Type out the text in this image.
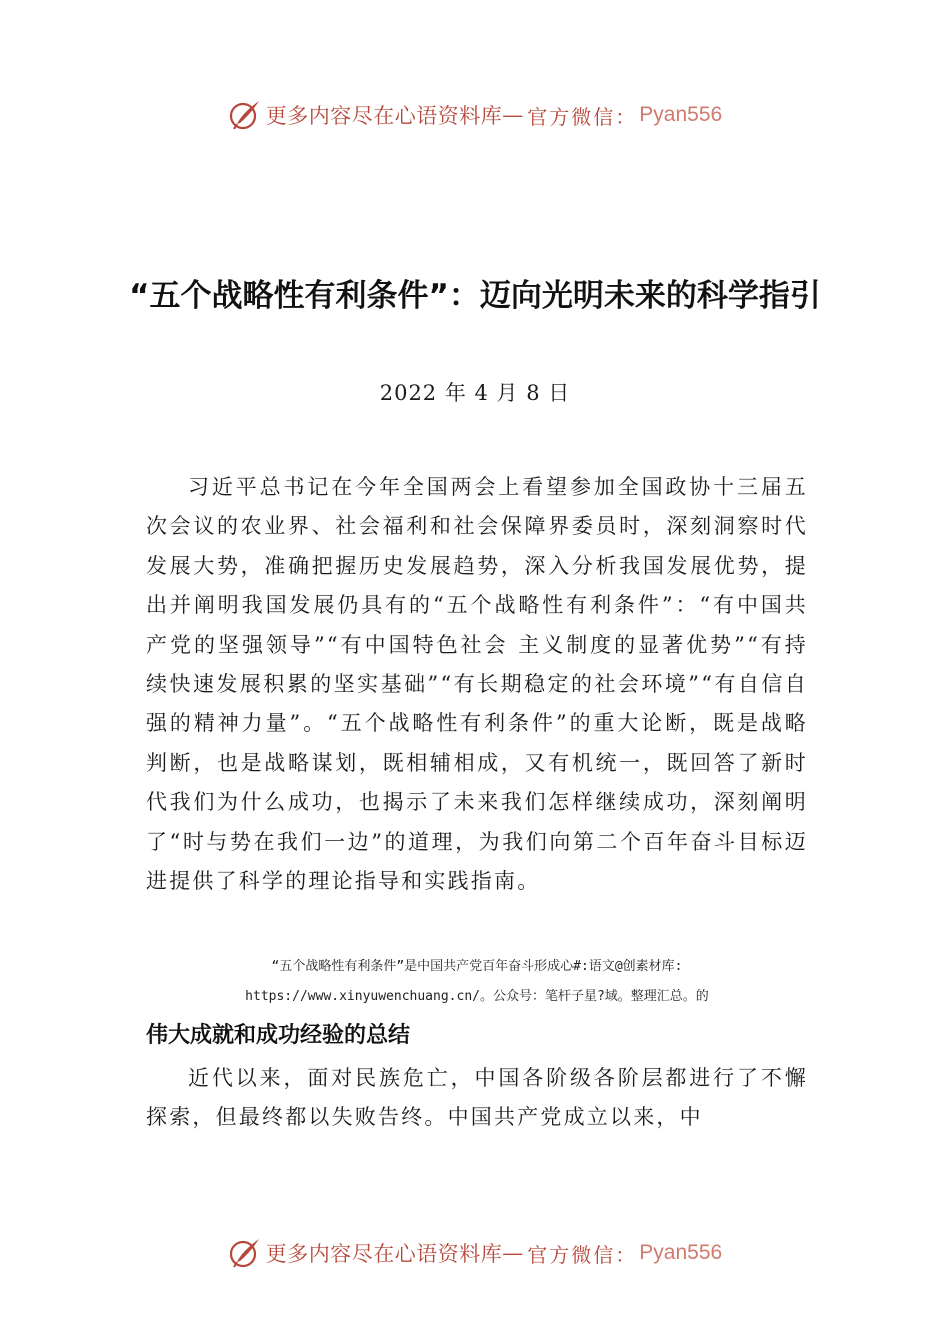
更多内容尽在心语资料库 — 官方微信： Pyan556
“五个战略性有利条件”：迈向光明未来的科学指引
2022 年 4 月 8 日

习近平总书记在今年全国两会上看望参加全国政协十三届五次会议的农业界、社会福利和社会保障界委员时，深刻洞察时代发展大势，准确把握历史发展趋势，深入分析我国发展优势，提出并阐明我国发展仍具有的“五个战略性有利条件”：“有中国共产党的坚强领导”“有中国特色社会 主义制度的显著优势”“有持续快速发展积累的坚实基础”“有长期稳定的社会环境”“有自信自强的精神力量”。“五个战略性有利条件”的重大论断，既是战略判断，也是战略谋划，既相辅相成，又有机统一，既回答了新时代我们为什么成功，也揭示了未来我们怎样继续成功，深刻阐明了“时与势在我们一边”的道理，为我们向第二个百年奋斗目标迈进提供了科学的理论指导和实践指南。

“五个战略性有利条件”是中国共产党百年奋斗形成心#:语文@创素材库:
https://www.xinyuwenchuang.cn/。公众号：笔杆子星?域。整理汇总。的
伟大成就和成功经验的总结

近代以来，面对民族危亡，中国各阶级各阶层都进行了不懈探索，但最终都以失败告终。中国共产党成立以来，中

更多内容尽在心语资料库 — 官方微信： Pyan556
